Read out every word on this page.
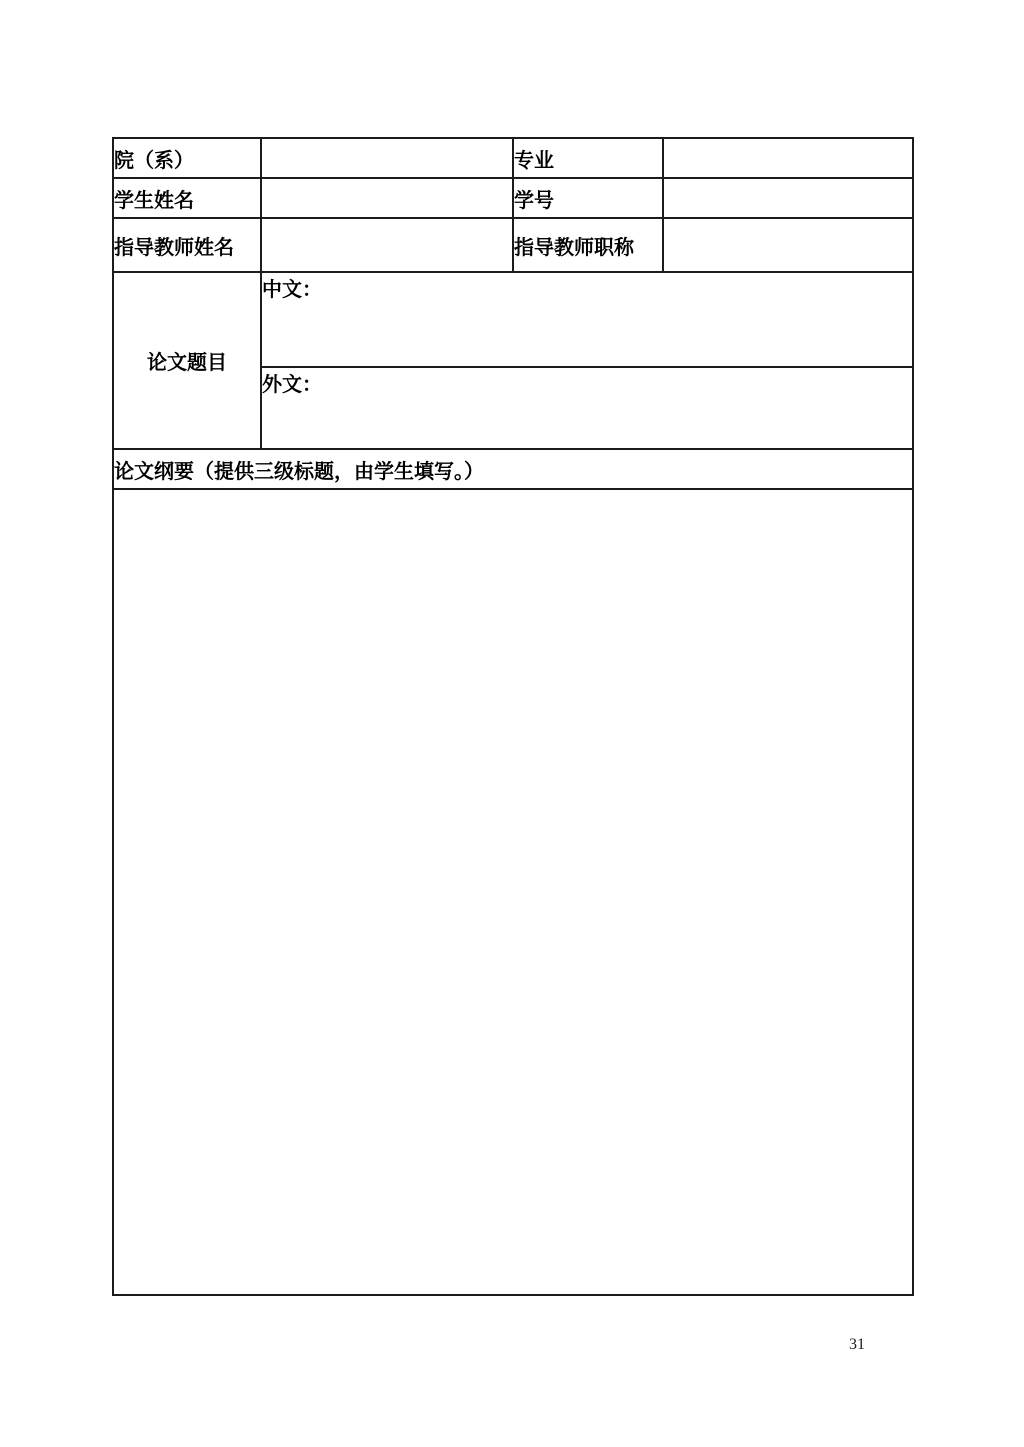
院（系）		专业	
学生姓名		学号	
指导教师姓名		指导教师职称	
论文题目	中文：		
	外文：		
论文纲要（提供三级标题，由学生填写。）			

31
